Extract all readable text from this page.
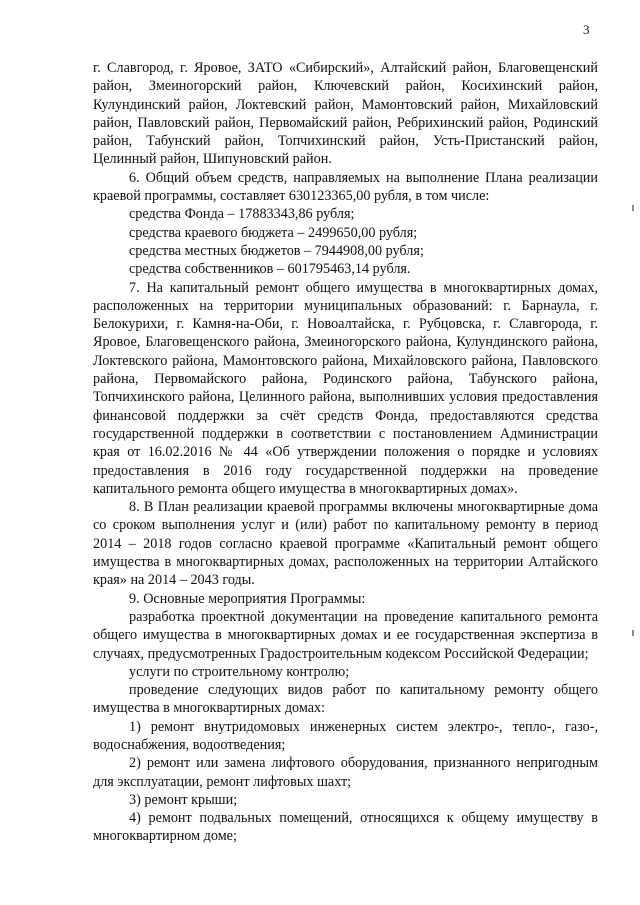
3

г. Славгород, г. Яровое, ЗАТО «Сибирский», Алтайский район, Благовещенский район, Змеиногорский район, Ключевский район, Косихинский район, Кулундинский район, Локтевский район, Мамонтовский район, Михайловский район, Павловский район, Первомайский район, Ребрихинский район, Родинский район, Табунский район, Топчихинский район, Усть-Пристанский район, Целинный район, Шипуновский район.

6. Общий объем средств, направляемых на выполнение Плана реализации краевой программы, составляет 630123365,00 рубля, в том числе:

средства Фонда – 17883343,86 рубля;

средства краевого бюджета – 2499650,00 рубля;

средства местных бюджетов – 7944908,00 рубля;

средства собственников – 601795463,14 рубля.

7. На капитальный ремонт общего имущества в многоквартирных домах, расположенных на территории муниципальных образований: г. Барнаула, г. Белокурихи, г. Камня-на-Оби, г. Новоалтайска, г. Рубцовска, г. Славгорода, г. Яровое, Благовещенского района, Змеиногорского района, Кулундинского района, Локтевского района, Мамонтовского района, Михайловского района, Павловского района, Первомайского района, Родинского района, Табунского района, Топчихинского района, Целинного района, выполнивших условия предоставления финансовой поддержки за счёт средств Фонда, предоставляются средства государственной поддержки в соответствии с постановлением Администрации края от 16.02.2016 № 44 «Об утверждении положения о порядке и условиях предоставления в 2016 году государственной поддержки на проведение капитального ремонта общего имущества в многоквартирных домах».

8. В План реализации краевой программы включены многоквартирные дома со сроком выполнения услуг и (или) работ по капитальному ремонту в период 2014 – 2018 годов согласно краевой программе «Капитальный ремонт общего имущества в многоквартирных домах, расположенных на территории Алтайского края» на 2014 – 2043 годы.

9. Основные мероприятия Программы:

разработка проектной документации на проведение капитального ремонта общего имущества в многоквартирных домах и ее государственная экспертиза в случаях, предусмотренных Градостроительным кодексом Российской Федерации;

услуги по строительному контролю;

проведение следующих видов работ по капитальному ремонту общего имущества в многоквартирных домах:

1) ремонт внутридомовых инженерных систем электро-, тепло-, газо-, водоснабжения, водоотведения;

2) ремонт или замена лифтового оборудования, признанного непригодным для эксплуатации, ремонт лифтовых шахт;

3) ремонт крыши;

4) ремонт подвальных помещений, относящихся к общему имуществу в многоквартирном доме;
